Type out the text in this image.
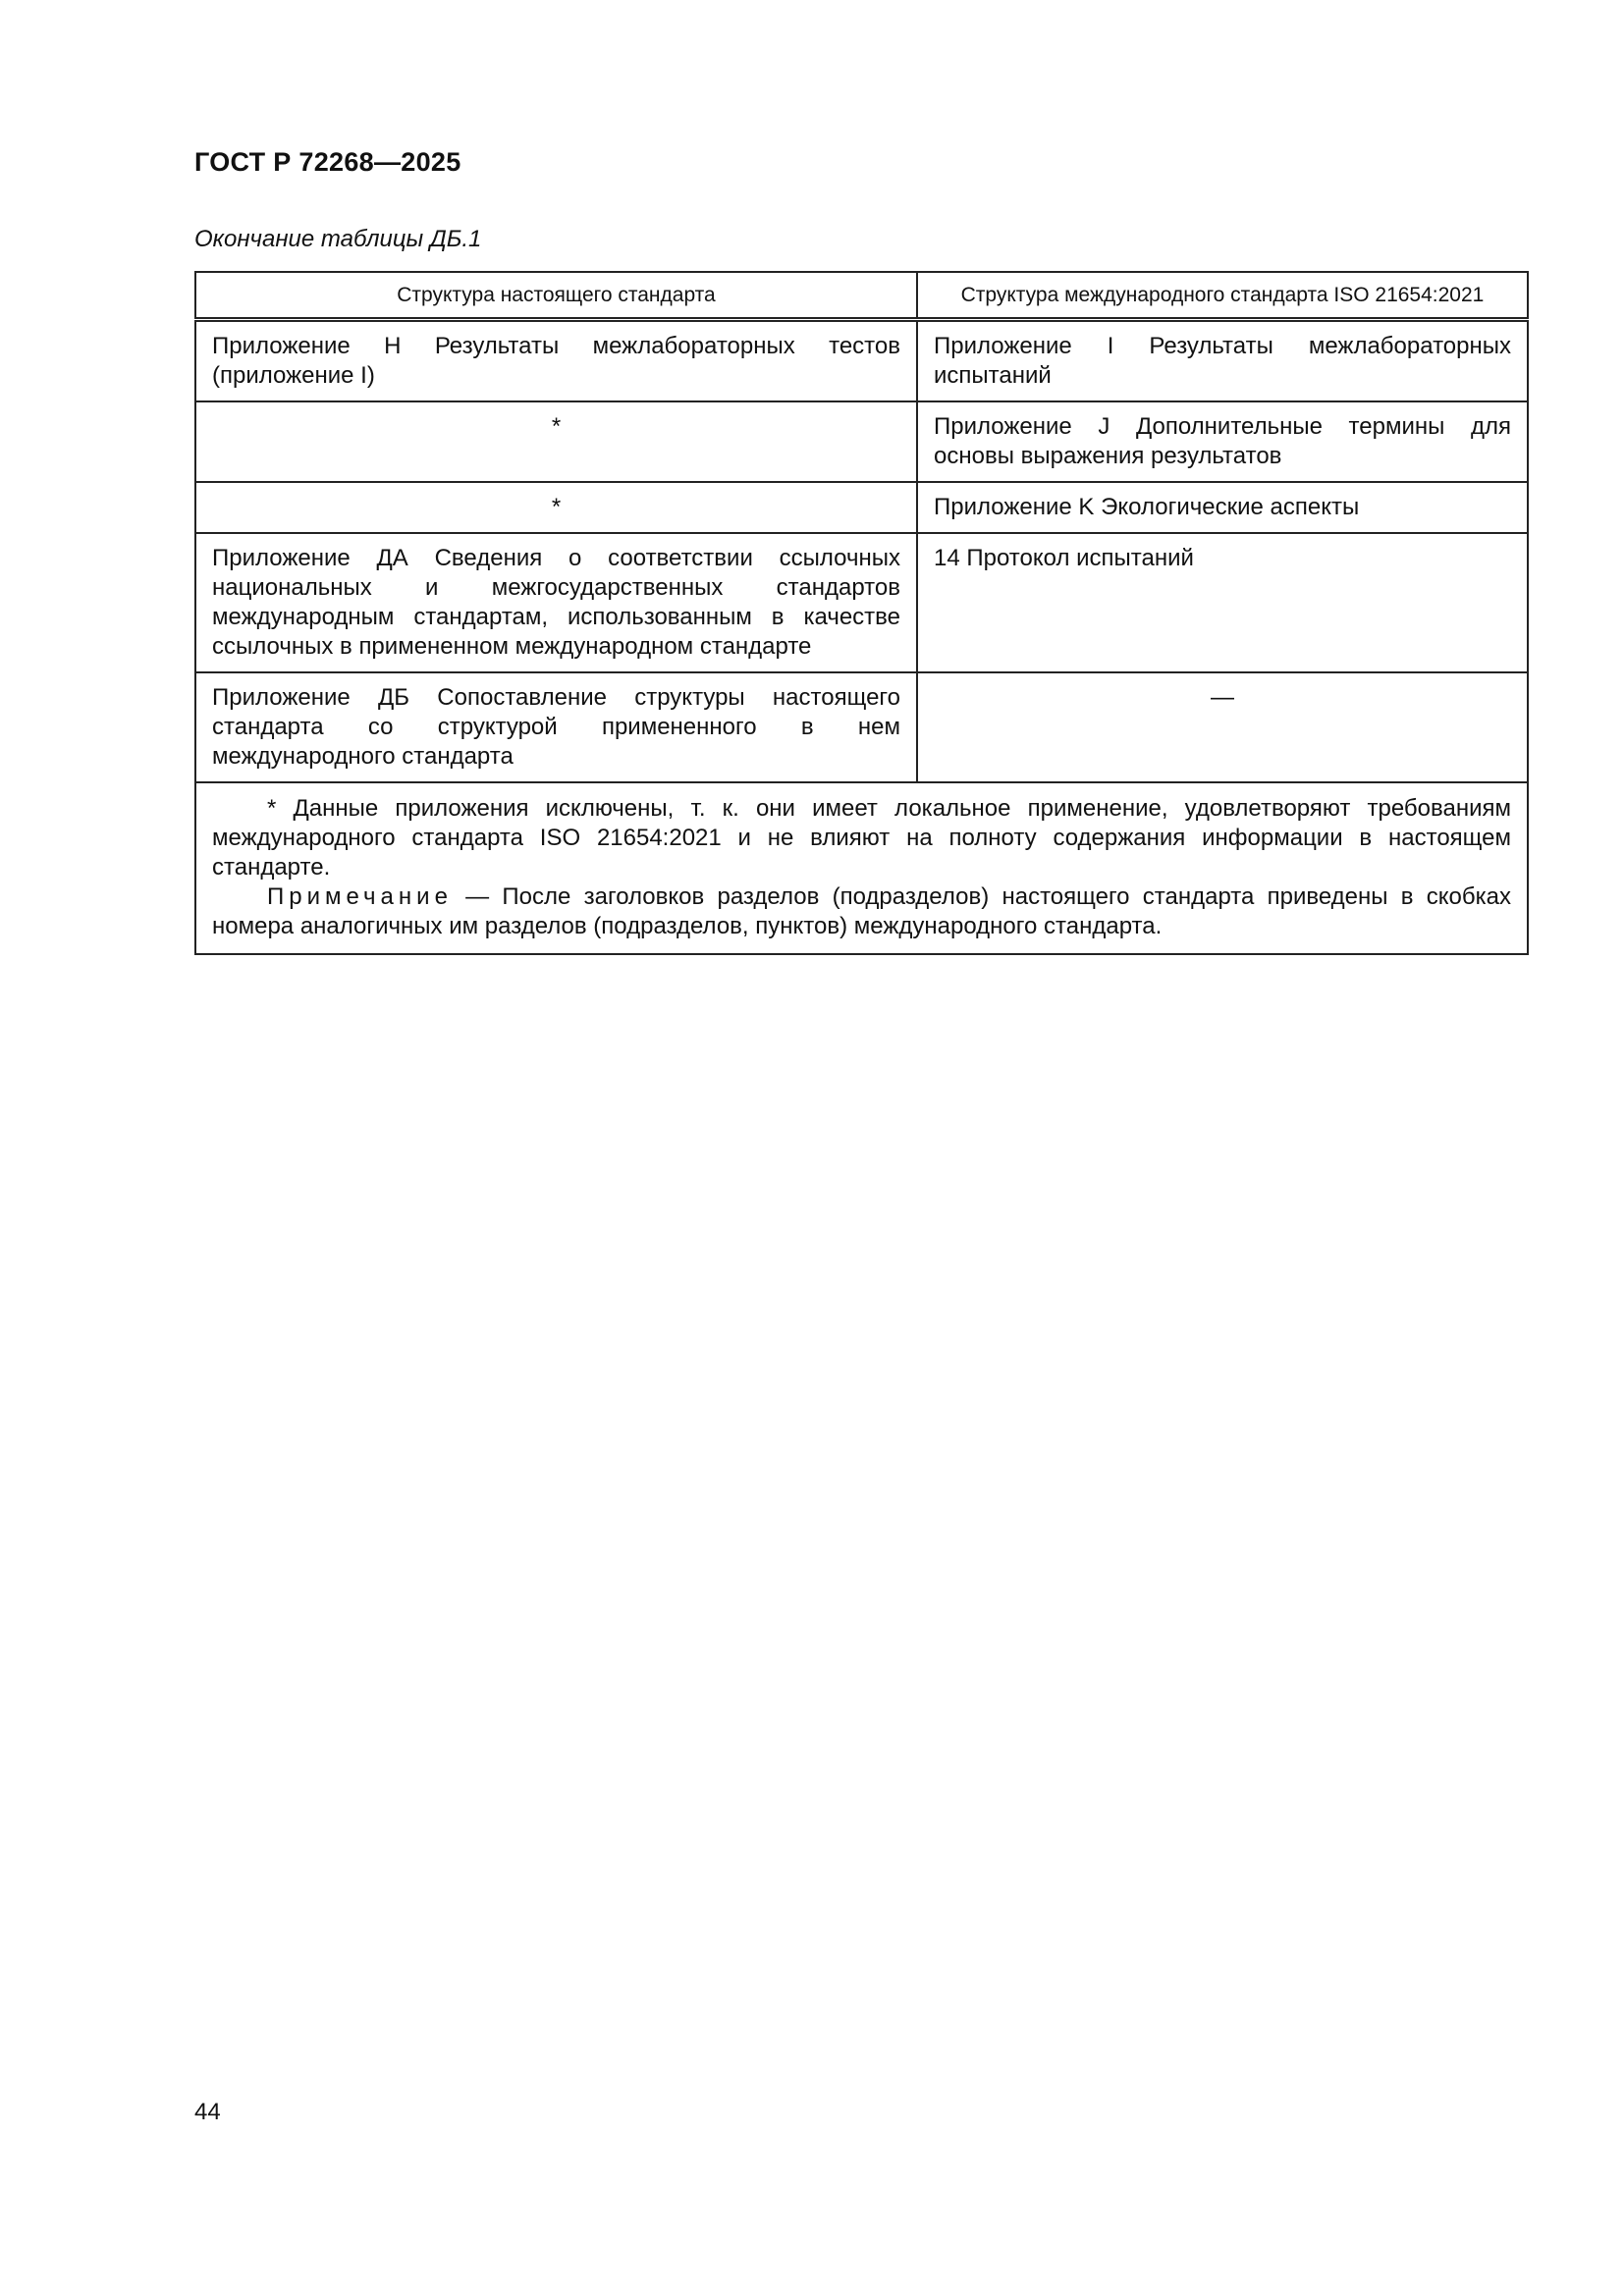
ГОСТ Р 72268—2025
Окончание таблицы ДБ.1
Структура настоящего стандарта	Структура международного стандарта ISO 21654:2021
Приложение H Результаты межлабораторных тестов (приложение I)	Приложение I Результаты межлабораторных испытаний
*	Приложение J Дополнительные термины для основы выражения результатов
*	Приложение K Экологические аспекты
Приложение ДА Сведения о соответствии ссылочных национальных и межгосударственных стандартов международным стандартам, использованным в качестве ссылочных в примененном международном стандарте	14 Протокол испытаний
Приложение ДБ Сопоставление структуры настоящего стандарта со структурой примененного в нем международного стандарта	—

* Данные приложения исключены, т. к. они имеет локальное применение, удовлетворяют требованиям международного стандарта ISO 21654:2021 и не влияют на полноту содержания информации в настоящем стандарте.

Примечание — После заголовков разделов (подразделов) настоящего стандарта приведены в скобках номера аналогичных им разделов (подразделов, пунктов) международного стандарта.	

44
